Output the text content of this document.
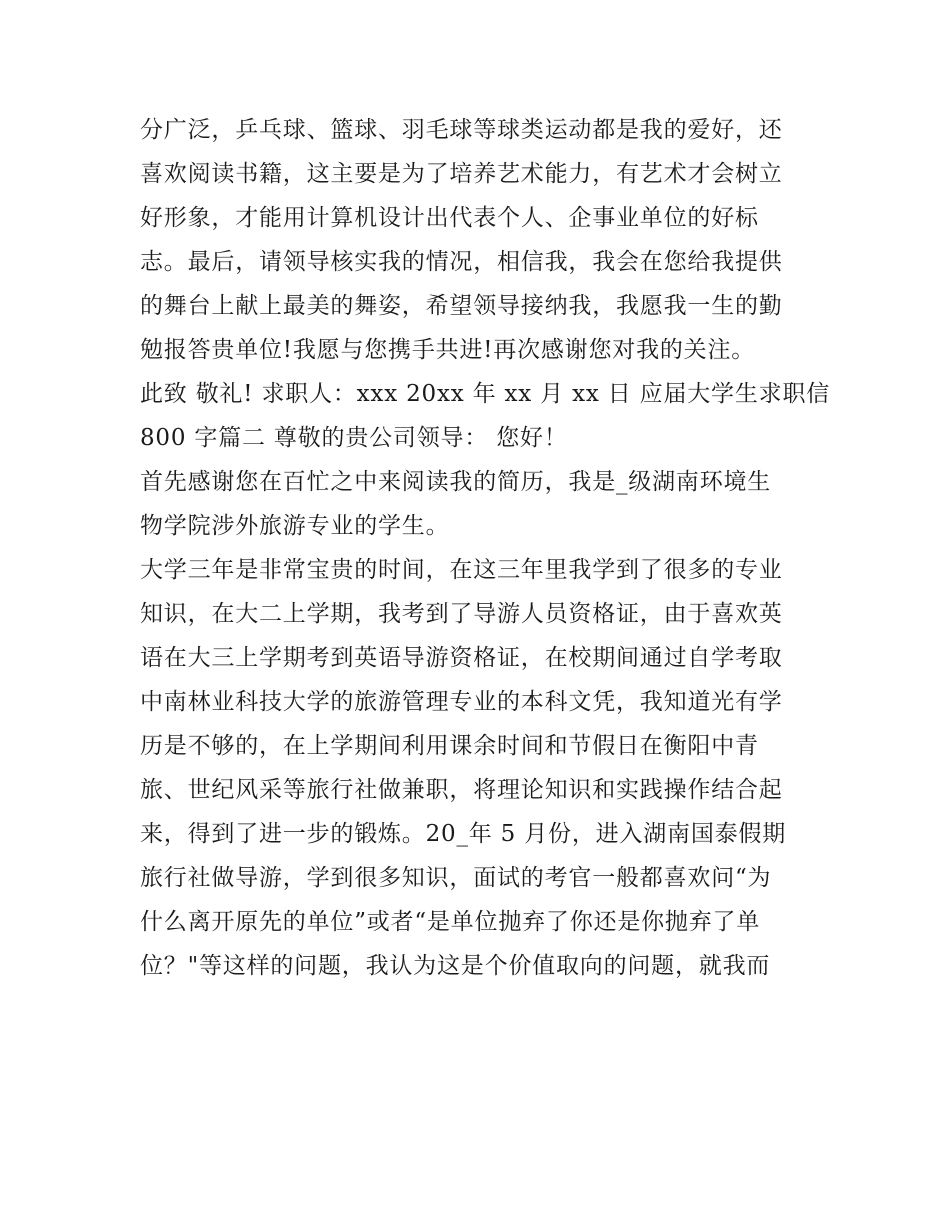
分广泛，乒乓球、篮球、羽毛球等球类运动都是我的爱好，还
喜欢阅读书籍，这主要是为了培养艺术能力，有艺术才会树立
好形象，才能用计算机设计出代表个人、企事业单位的好标
志。最后，请领导核实我的情况，相信我，我会在您给我提供
的舞台上献上最美的舞姿，希望领导接纳我，我愿我一生的勤
勉报答贵单位!我愿与您携手共进!再次感谢您对我的关注。
此致 敬礼! 求职人：xxx 20xx 年 xx 月 xx 日 应届大学生求职信
800 字篇二 尊敬的贵公司领导： 您好！
首先感谢您在百忙之中来阅读我的简历，我是_级湖南环境生
物学院涉外旅游专业的学生。
大学三年是非常宝贵的时间，在这三年里我学到了很多的专业
知识，在大二上学期，我考到了导游人员资格证，由于喜欢英
语在大三上学期考到英语导游资格证，在校期间通过自学考取
中南林业科技大学的旅游管理专业的本科文凭，我知道光有学
历是不够的，在上学期间利用课余时间和节假日在衡阳中青
旅、世纪风采等旅行社做兼职，将理论知识和实践操作结合起
来，得到了进一步的锻炼。20_年 5 月份，进入湖南国泰假期
旅行社做导游，学到很多知识，面试的考官一般都喜欢问“为
什么离开原先的单位”或者“是单位抛弃了你还是你抛弃了单
位？"等这样的问题，我认为这是个价值取向的问题，就我而
